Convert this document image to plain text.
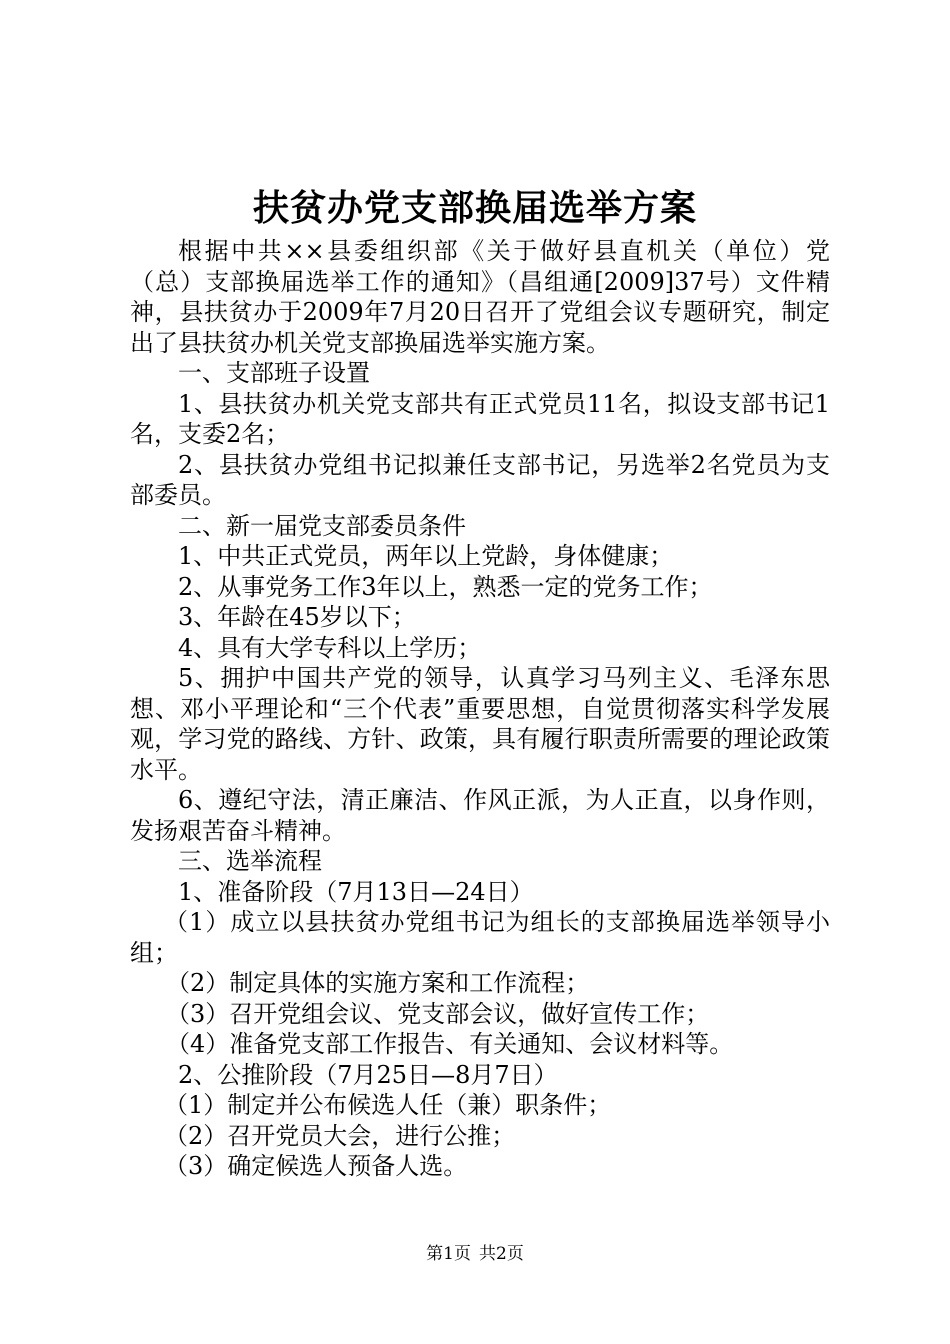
扶贫办党支部换届选举方案

根据中共××县委组织部《关于做好县直机关（单位）党（总）支部换届选举工作的通知》（昌组通[2009]37号）文件精神，县扶贫办于2009年7月20日召开了党组会议专题研究，制定出了县扶贫办机关党支部换届选举实施方案。

一、支部班子设置

1、县扶贫办机关党支部共有正式党员11名，拟设支部书记1名，支委2名；

2、县扶贫办党组书记拟兼任支部书记，另选举2名党员为支部委员。

二、新一届党支部委员条件

1、中共正式党员，两年以上党龄，身体健康；

2、从事党务工作3年以上，熟悉一定的党务工作；

3、年龄在45岁以下；

4、具有大学专科以上学历；

5、拥护中国共产党的领导，认真学习马列主义、毛泽东思想、邓小平理论和“三个代表”重要思想，自觉贯彻落实科学发展观，学习党的路线、方针、政策，具有履行职责所需要的理论政策水平。

6、遵纪守法，清正廉洁、作风正派，为人正直，以身作则，发扬艰苦奋斗精神。

三、选举流程

1、准备阶段（7月13日—24日）

（1）成立以县扶贫办党组书记为组长的支部换届选举领导小组；

（2）制定具体的实施方案和工作流程；

（3）召开党组会议、党支部会议，做好宣传工作；

（4）准备党支部工作报告、有关通知、会议材料等。

2、公推阶段（7月25日—8月7日）

（1）制定并公布候选人任（兼）职条件；

（2）召开党员大会，进行公推；

（3）确定候选人预备人选。

第1页 共2页
